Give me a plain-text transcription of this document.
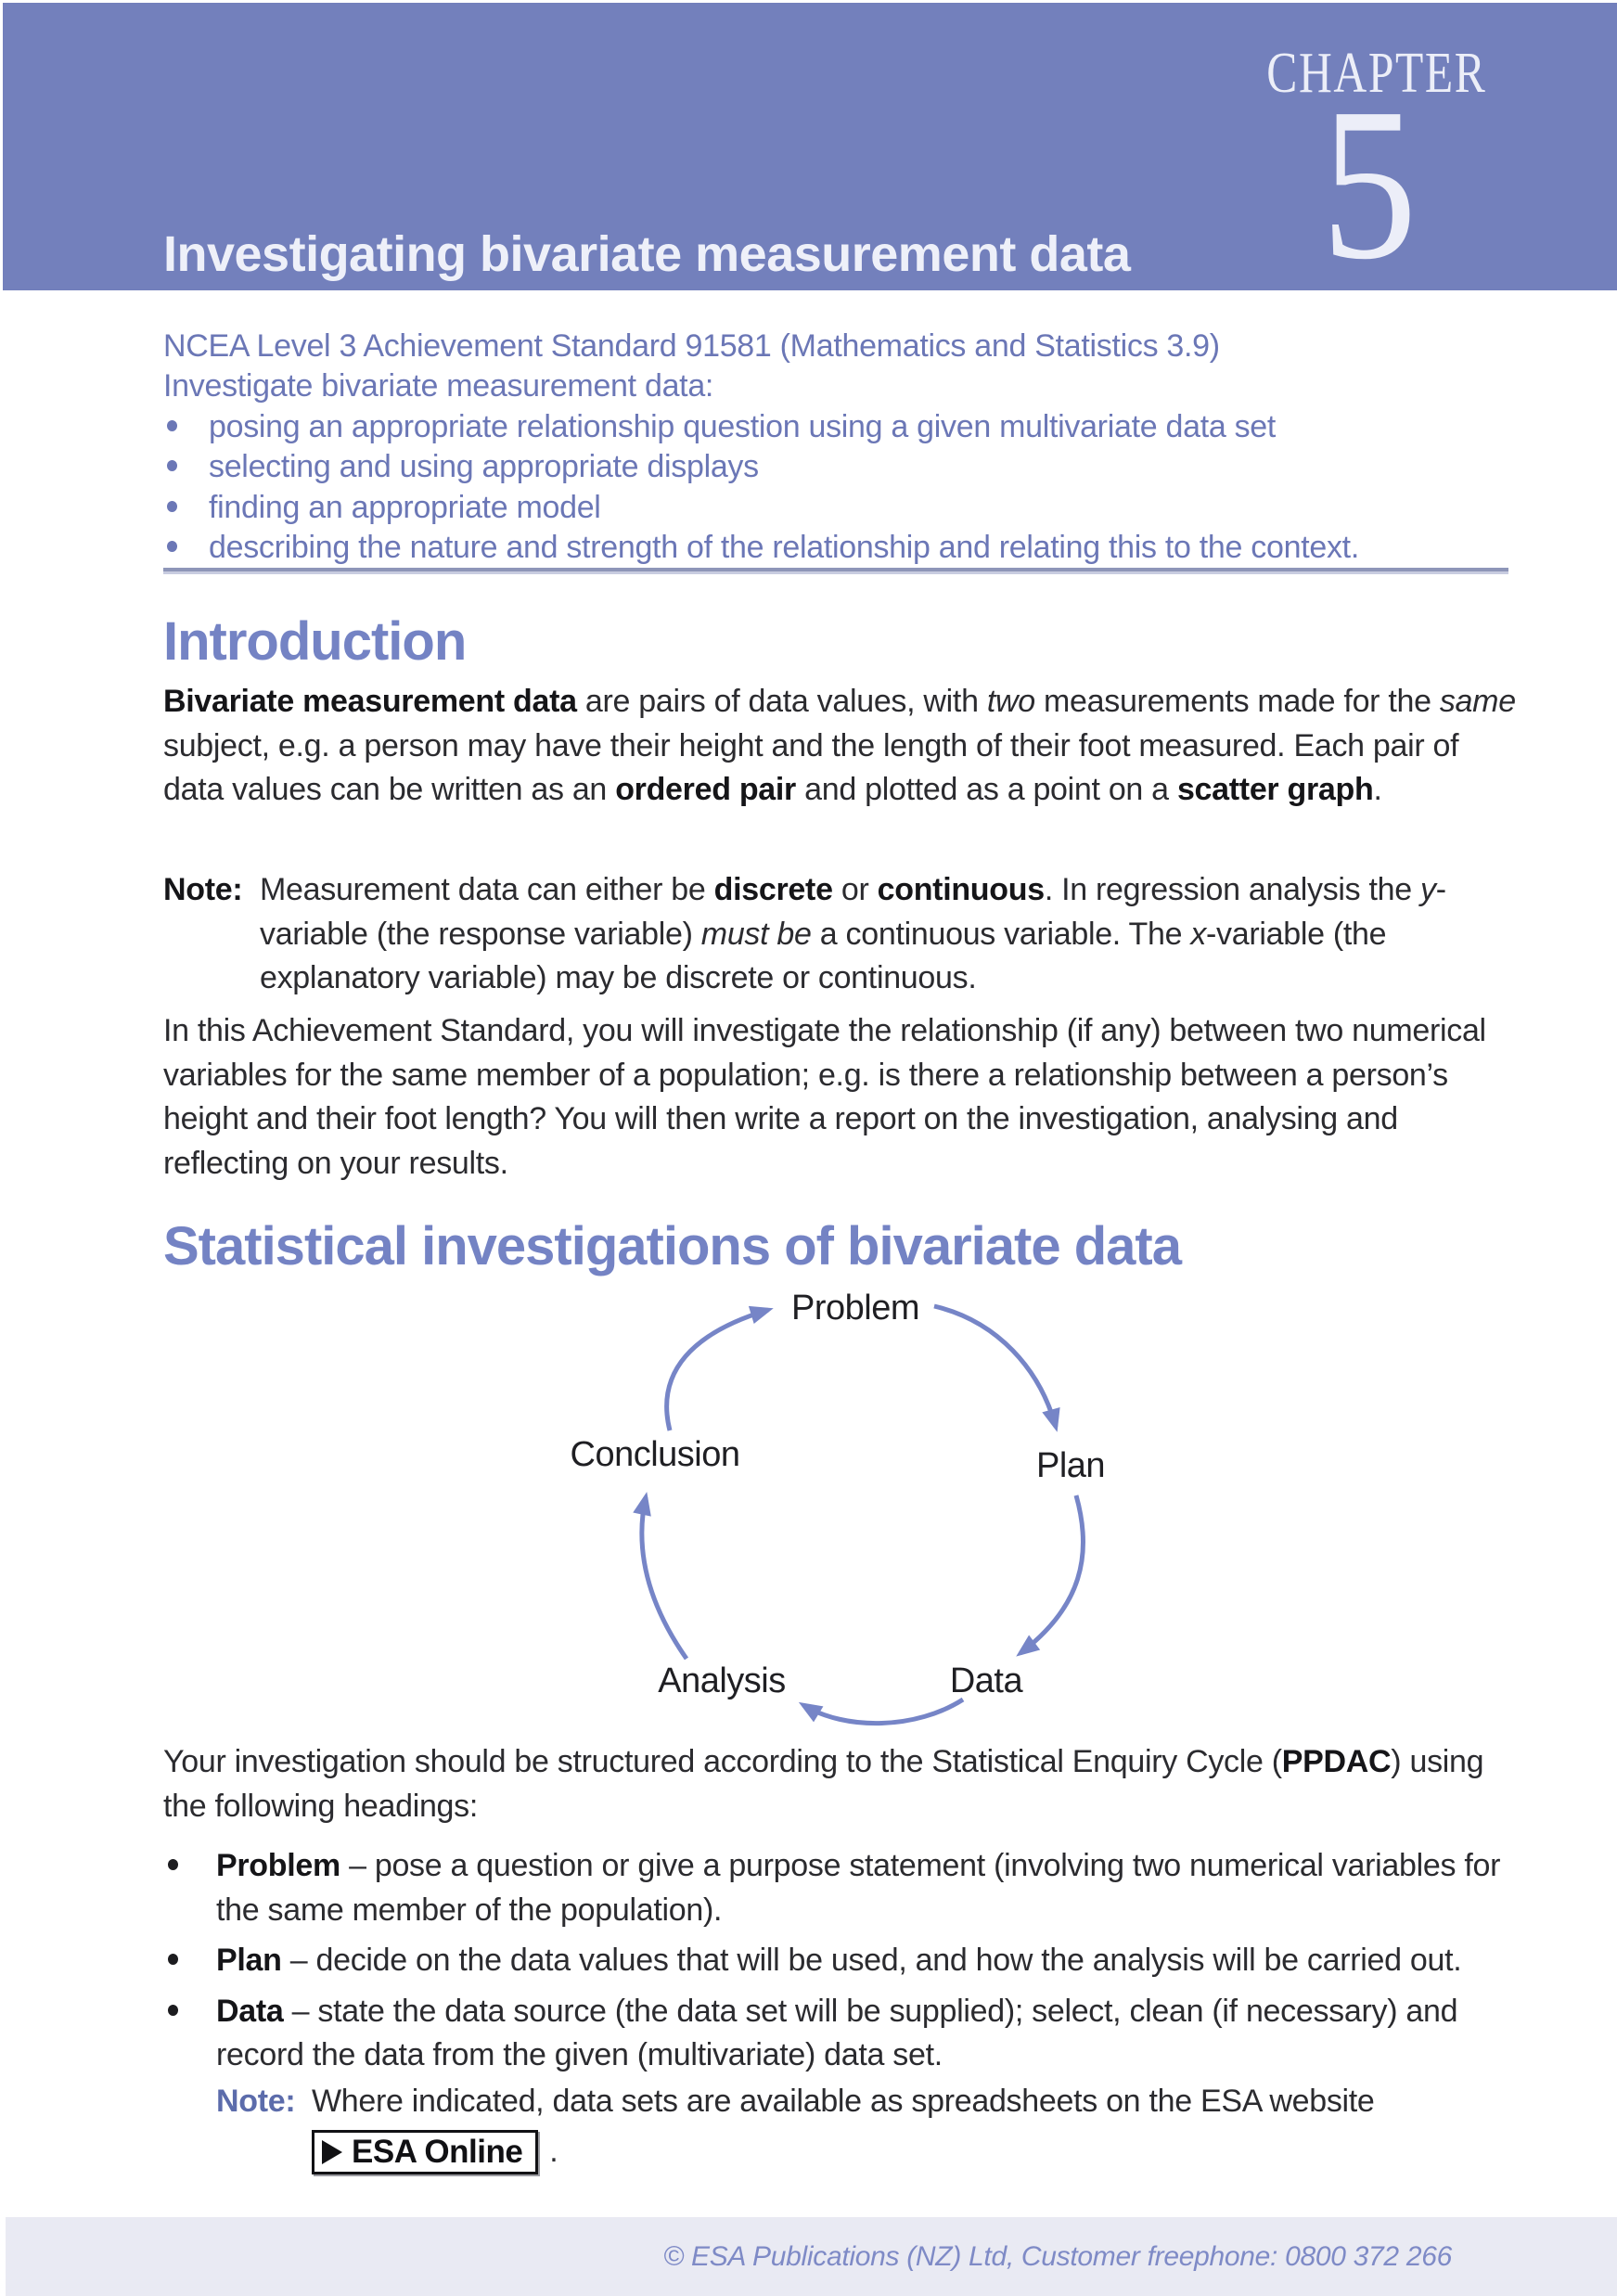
Investigating bivariate measurement data
CHAPTER
5
NCEA Level 3 Achievement Standard 91581 (Mathematics and Statistics 3.9)
Investigate bivariate measurement data:
posing an appropriate relationship question using a given multivariate data set
selecting and using appropriate displays
finding an appropriate model
describing the nature and strength of the relationship and relating this to the context.
Introduction

Bivariate measurement data are pairs of data values, with two measurements made for the same subject, e.g. a person may have their height and the length of their foot measured. Each pair of data values can be written as an ordered pair and plotted as a point on a scatter graph.

Note: Measurement data can either be discrete or continuous. In regression analysis the y-variable (the response variable) must be a continuous variable. The x-variable (the explanatory variable) may be discrete or continuous.

In this Achievement Standard, you will investigate the relationship (if any) between two numerical variables for the same member of a population; e.g. is there a relationship between a person’s height and their foot length? You will then write a report on the investigation, analysing and reflecting on your results.

Statistical investigations of bivariate data
Problem
Conclusion	Plan
Analysis	Data

Your investigation should be structured according to the Statistical Enquiry Cycle (PPDAC) using the following headings:

Problem – pose a question or give a purpose statement (involving two numerical variables for the same member of the population).
Plan – decide on the data values that will be used, and how the analysis will be carried out.
Data – state the data source (the data set will be supplied); select, clean (if necessary) and record the data from the given (multivariate) data set.
Note: Where indicated, data sets are available as spreadsheets on the ESA website
ESA Online .
© ESA Publications (NZ) Ltd, Customer freephone: 0800 372 266
